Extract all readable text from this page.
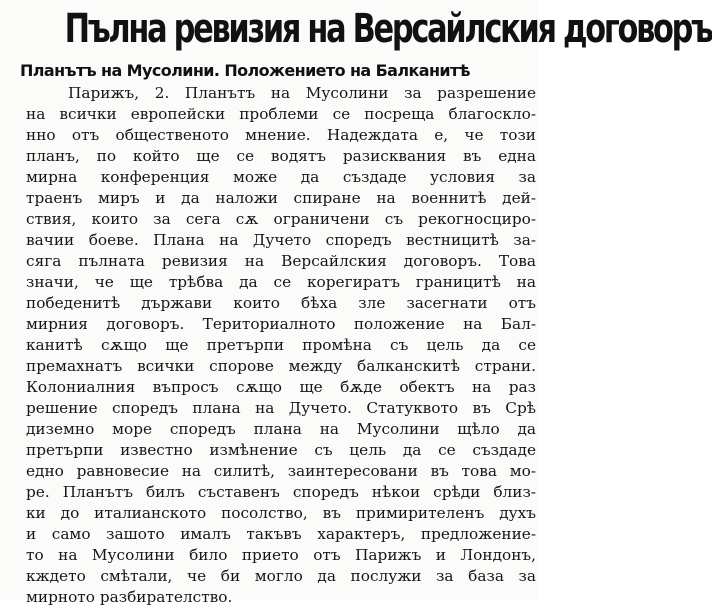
Пълна ревизия на Версайлския договоръ
Планътъ на Мусолини. Положението на Балканитѣ
Парижъ, 2. Планътъ на Мусолини за разрешение
на всички европейски проблеми се посреща благоскло-
нно отъ общественото мнение. Надеждата е, че този
планъ, по който ще се водятъ разисквания въ една
мирна конференция може да създаде условия за
траенъ миръ и да наложи спиране на военнитѣ дей-
ствия, които за сега сѫ ограничени съ рекогносциро-
вачии боеве. Плана на Дучето споредъ вестницитѣ за-
сяга пълната ревизия на Версайлския договоръ. Това
значи, че ще трѣбва да се корегиратъ границитѣ на
победенитѣ държави които бѣха зле засегнати отъ
мирния договоръ. Териториалното положение на Бал-
канитѣ сѫщо ще претърпи промѣна съ цель да се
премахнатъ всички спорове между балканскитѣ страни.
Колониалния въпросъ сѫщо ще бѫде обектъ на раз
решение споредъ плана на Дучето. Статуквото въ Срѣ
диземно море споредъ плана на Мусолини щѣло да
претърпи известно измѣнение съ цель да се създаде
едно равновесие на силитѣ, заинтересовани въ това мо-
ре. Планътъ билъ съставенъ споредъ нѣкои срѣди близ-
ки до италианското посолство, въ примирителенъ духъ
и само зашото ималъ такъвъ характеръ, предложение-
то на Мусолини било прието отъ Парижъ и Лондонъ,
кждето смѣтали, че би могло да послужи за база за
мирното разбирателство.
